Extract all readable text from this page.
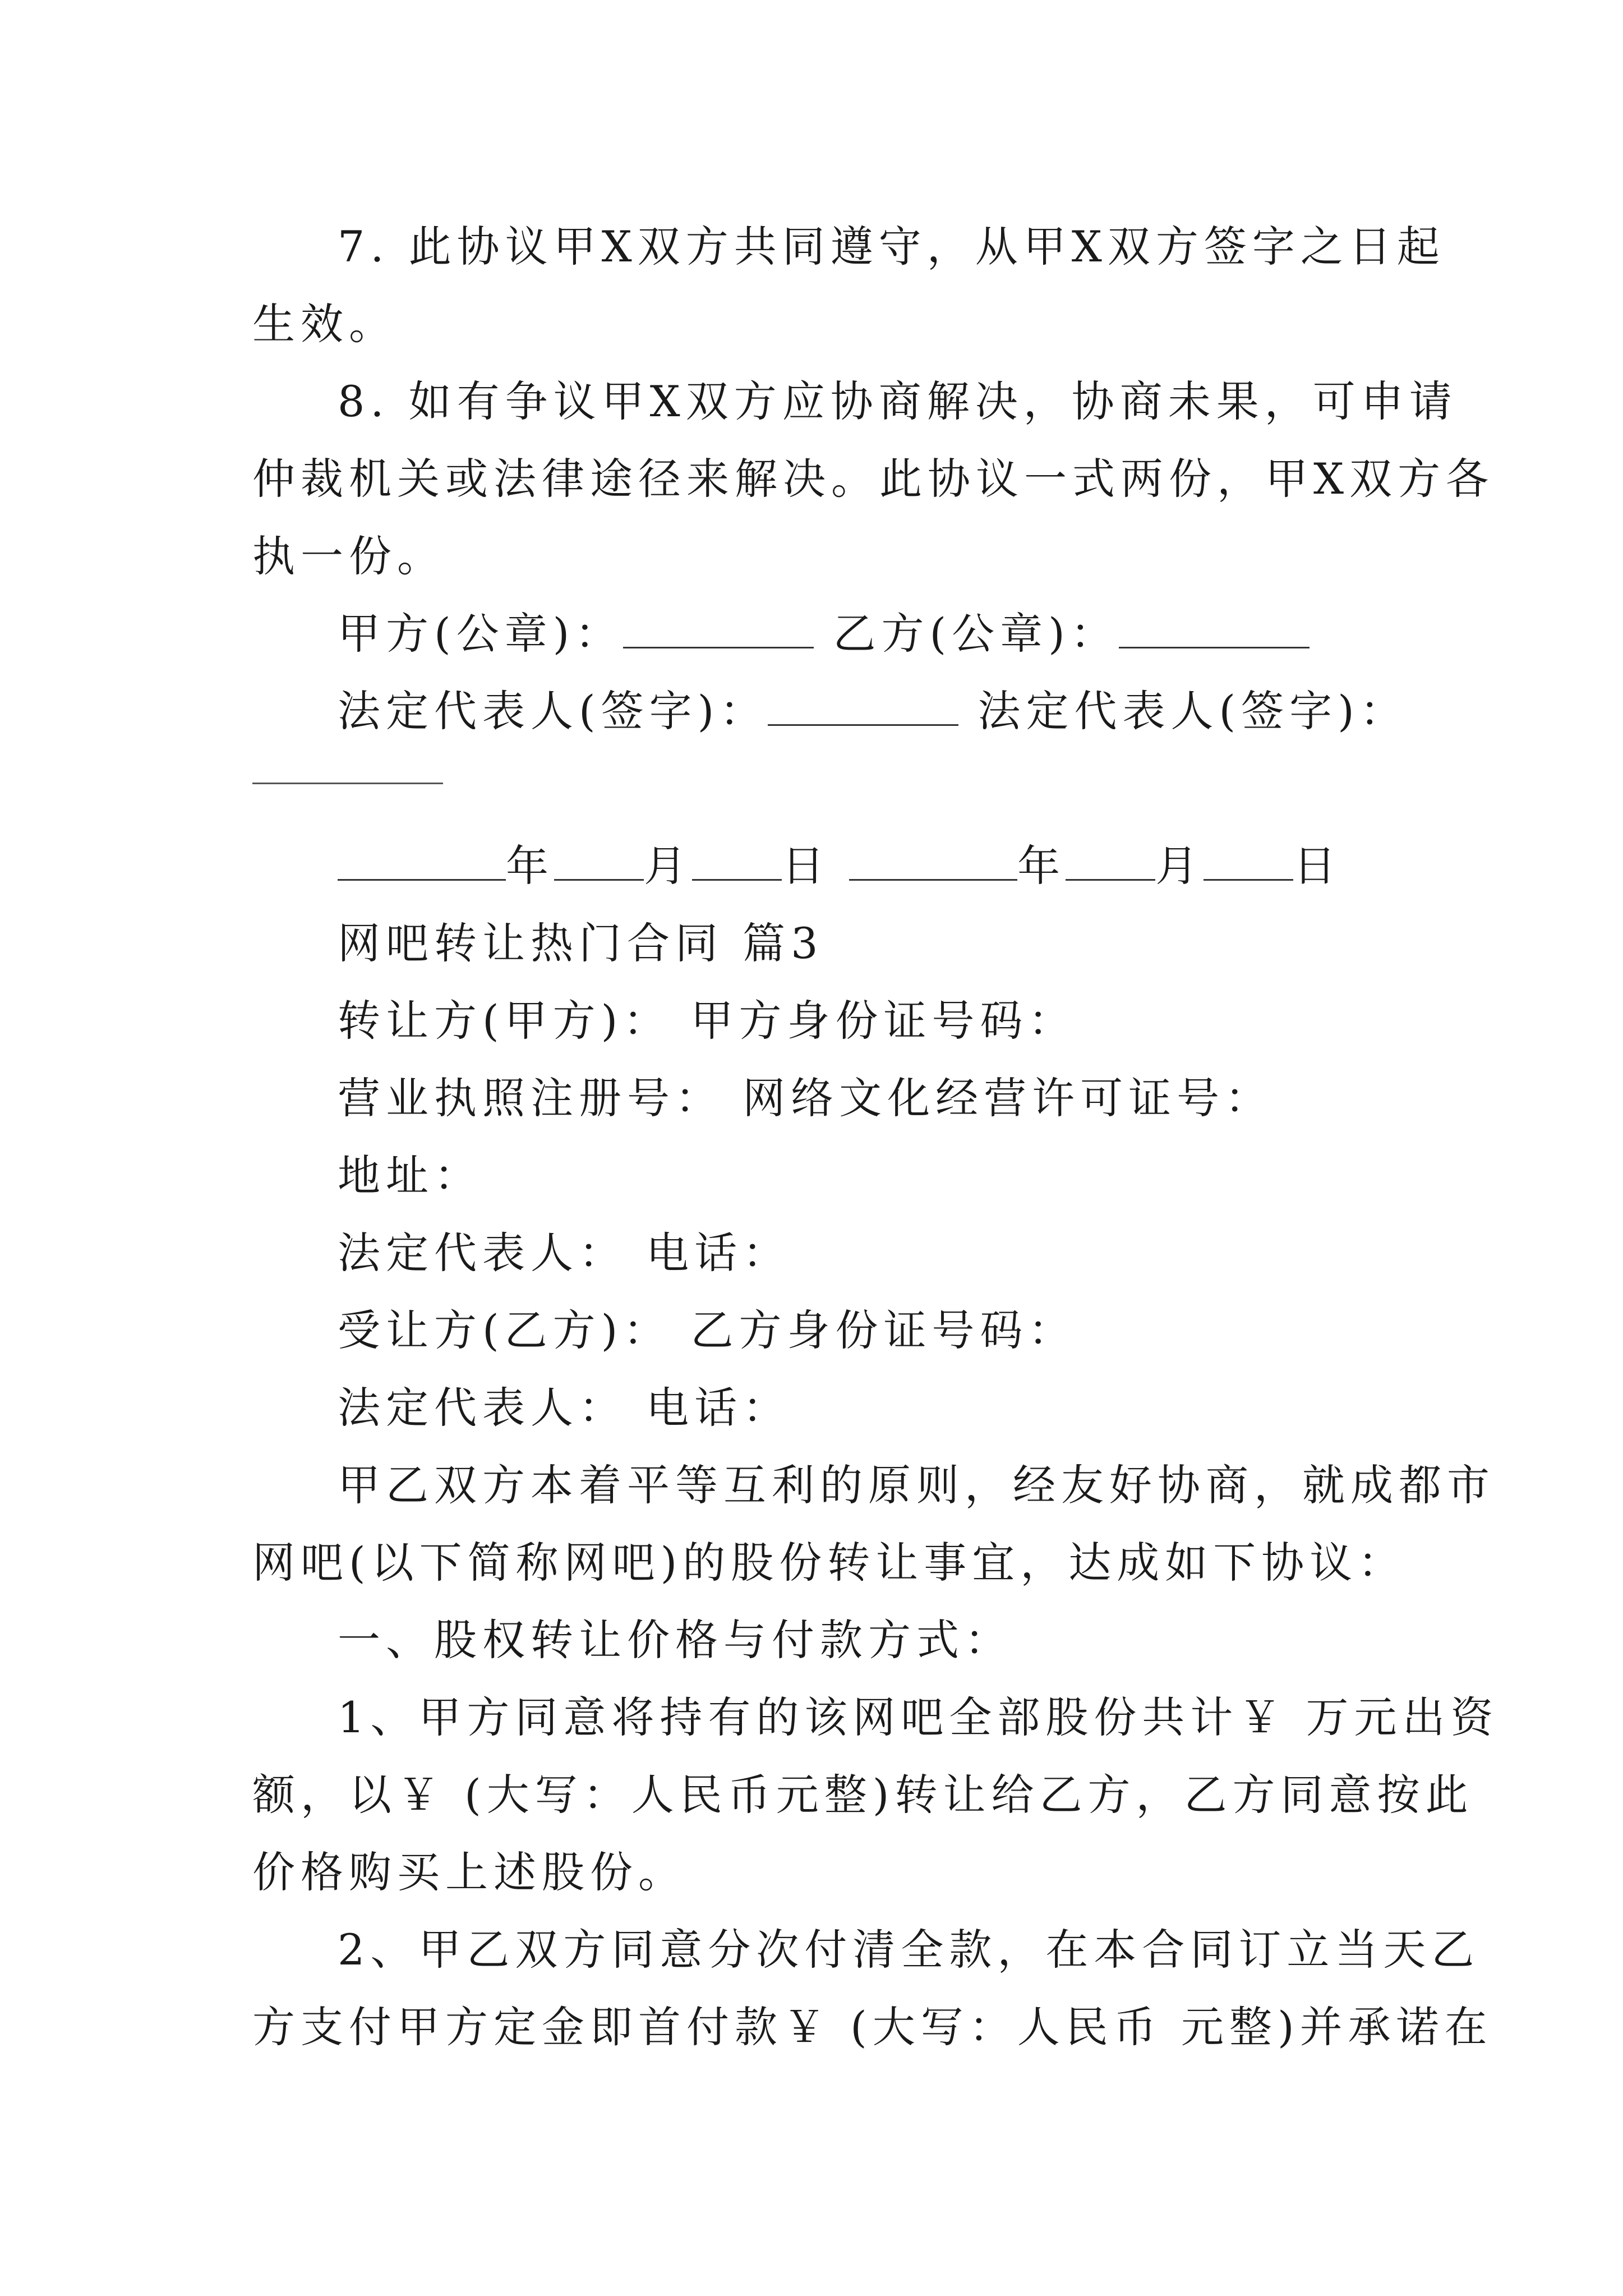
7. 此协议甲X双方共同遵守，从甲X双方签字之日起
生效。
8. 如有争议甲X双方应协商解决，协商未果，可申请
仲裁机关或法律途径来解决。此协议一式两份，甲X双方各
执一份。
甲方(公章)：	乙方(公章)：
法定代表人(签字)：	法定代表人(签字)：
年 月 日	年 月 日
网吧转让热门合同 篇3
转让方(甲方)： 甲方身份证号码：
营业执照注册号： 网络文化经营许可证号：
地址：
法定代表人： 电话：
受让方(乙方)： 乙方身份证号码：
法定代表人： 电话：
甲乙双方本着平等互利的原则，经友好协商，就成都市
网吧(以下简称网吧)的股份转让事宜，达成如下协议：
一、股权转让价格与付款方式：
1、甲方同意将持有的该网吧全部股份共计￥ 万元出资
额，以￥ (大写：人民币元整)转让给乙方，乙方同意按此
价格购买上述股份。
2、甲乙双方同意分次付清全款，在本合同订立当天乙
方支付甲方定金即首付款￥ (大写：人民币 元整)并承诺在
